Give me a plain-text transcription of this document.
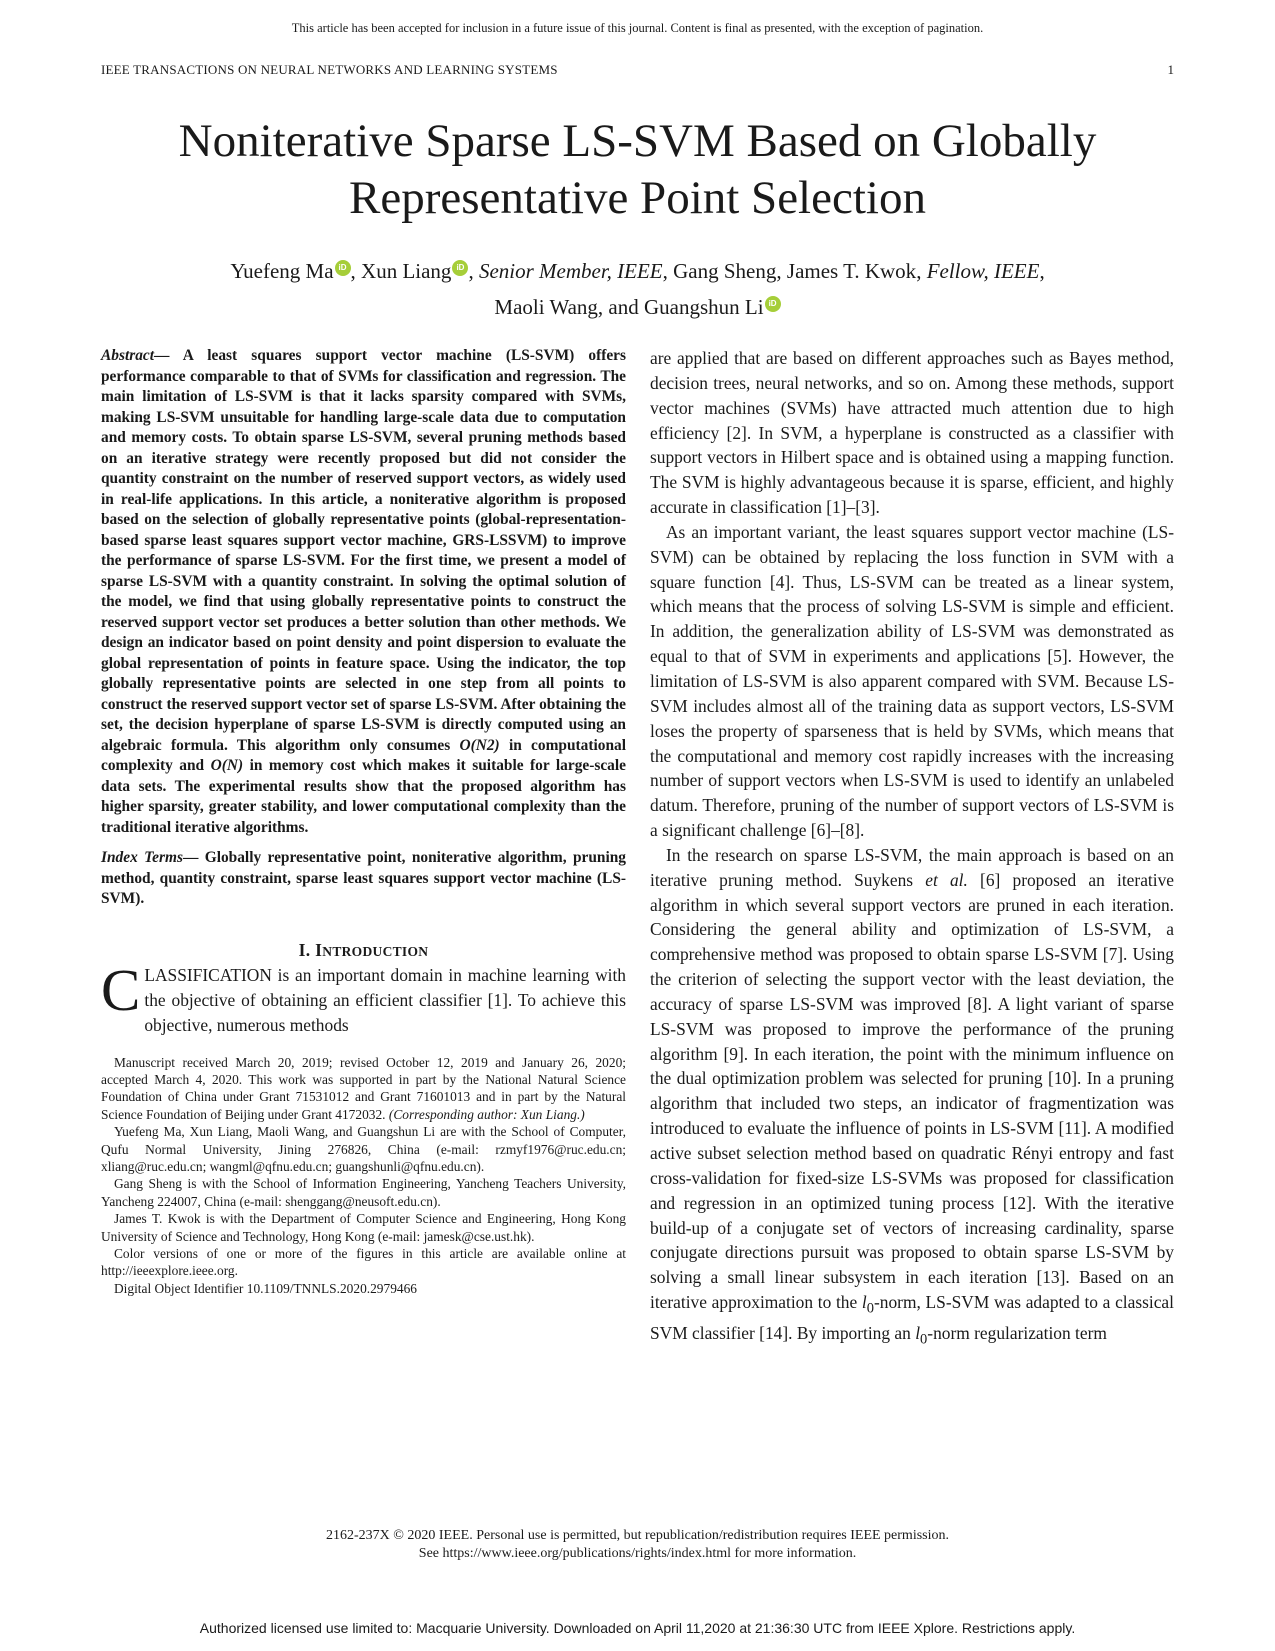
This article has been accepted for inclusion in a future issue of this journal. Content is final as presented, with the exception of pagination.
IEEE TRANSACTIONS ON NEURAL NETWORKS AND LEARNING SYSTEMS	1
Noniterative Sparse LS-SVM Based on Globally
Representative Point Selection
Yuefeng Ma iD , Xun Liang iD , Senior Member, IEEE, Gang Sheng, James T. Kwok, Fellow, IEEE,
Maoli Wang, and Guangshun Li iD

Abstract— A least squares support vector machine (LS-SVM) offers performance comparable to that of SVMs for classification and regression. The main limitation of LS-SVM is that it lacks sparsity compared with SVMs, making LS-SVM unsuitable for handling large-scale data due to computation and memory costs. To obtain sparse LS-SVM, several pruning methods based on an iterative strategy were recently proposed but did not consider the quantity constraint on the number of reserved support vectors, as widely used in real-life applications. In this article, a noniterative algorithm is proposed based on the selection of globally representative points (global-representation-based sparse least squares support vector machine, GRS-LSSVM) to improve the performance of sparse LS-SVM. For the first time, we present a model of sparse LS-SVM with a quantity constraint. In solving the optimal solution of the model, we find that using globally representative points to construct the reserved support vector set produces a better solution than other methods. We design an indicator based on point density and point dispersion to evaluate the global representation of points in feature space. Using the indicator, the top globally representative points are selected in one step from all points to construct the reserved support vector set of sparse LS-SVM. After obtaining the set, the decision hyperplane of sparse LS-SVM is directly computed using an algebraic formula. This algorithm only consumes O(N2) in computational complexity and O(N) in memory cost which makes it suitable for large-scale data sets. The experimental results show that the proposed algorithm has higher sparsity, greater stability, and lower computational complexity than the traditional iterative algorithms.

Index Terms— Globally representative point, noniterative algorithm, pruning method, quantity constraint, sparse least squares support vector machine (LS-SVM).

I. INTRODUCTION

CLASSIFICATION is an important domain in machine learning with the objective of obtaining an efficient classifier [1]. To achieve this objective, numerous methods

Manuscript received March 20, 2019; revised October 12, 2019 and January 26, 2020; accepted March 4, 2020. This work was supported in part by the National Natural Science Foundation of China under Grant 71531012 and Grant 71601013 and in part by the Natural Science Foundation of Beijing under Grant 4172032. (Corresponding author: Xun Liang.)

Yuefeng Ma, Xun Liang, Maoli Wang, and Guangshun Li are with the School of Computer, Qufu Normal University, Jining 276826, China (e-mail: rzmyf1976@ruc.edu.cn; xliang@ruc.edu.cn; wangml@qfnu.edu.cn; guangshunli@qfnu.edu.cn).

Gang Sheng is with the School of Information Engineering, Yancheng Teachers University, Yancheng 224007, China (e-mail: shenggang@neusoft.edu.cn).

James T. Kwok is with the Department of Computer Science and Engineering, Hong Kong University of Science and Technology, Hong Kong (e-mail: jamesk@cse.ust.hk).

Color versions of one or more of the figures in this article are available online at http://ieeexplore.ieee.org.

Digital Object Identifier 10.1109/TNNLS.2020.2979466

are applied that are based on different approaches such as Bayes method, decision trees, neural networks, and so on. Among these methods, support vector machines (SVMs) have attracted much attention due to high efficiency [2]. In SVM, a hyperplane is constructed as a classifier with support vectors in Hilbert space and is obtained using a mapping function. The SVM is highly advantageous because it is sparse, efficient, and highly accurate in classification [1]–[3].

As an important variant, the least squares support vector machine (LS-SVM) can be obtained by replacing the loss function in SVM with a square function [4]. Thus, LS-SVM can be treated as a linear system, which means that the process of solving LS-SVM is simple and efficient. In addition, the generalization ability of LS-SVM was demonstrated as equal to that of SVM in experiments and applications [5]. However, the limitation of LS-SVM is also apparent compared with SVM. Because LS-SVM includes almost all of the training data as support vectors, LS-SVM loses the property of sparseness that is held by SVMs, which means that the computational and memory cost rapidly increases with the increasing number of support vectors when LS-SVM is used to identify an unlabeled datum. Therefore, pruning of the number of support vectors of LS-SVM is a significant challenge [6]–[8].

In the research on sparse LS-SVM, the main approach is based on an iterative pruning method. Suykens et al. [6] proposed an iterative algorithm in which several support vectors are pruned in each iteration. Considering the general ability and optimization of LS-SVM, a comprehensive method was proposed to obtain sparse LS-SVM [7]. Using the criterion of selecting the support vector with the least deviation, the accuracy of sparse LS-SVM was improved [8]. A light variant of sparse LS-SVM was proposed to improve the performance of the pruning algorithm [9]. In each iteration, the point with the minimum influence on the dual optimization problem was selected for pruning [10]. In a pruning algorithm that included two steps, an indicator of fragmentization was introduced to evaluate the influence of points in LS-SVM [11]. A modified active subset selection method based on quadratic Rényi entropy and fast cross-validation for fixed-size LS-SVMs was proposed for classification and regression in an optimized tuning process [12]. With the iterative build-up of a conjugate set of vectors of increasing cardinality, sparse conjugate directions pursuit was proposed to obtain sparse LS-SVM by solving a small linear subsystem in each iteration [13]. Based on an iterative approximation to the $l_0$-norm, LS-SVM was adapted to a classical SVM classifier [14]. By importing an $l_0$-norm regularization term

2162-237X © 2020 IEEE. Personal use is permitted, but republication/redistribution requires IEEE permission.
See https://www.ieee.org/publications/rights/index.html for more information.
Authorized licensed use limited to: Macquarie University. Downloaded on April 11,2020 at 21:36:30 UTC from IEEE Xplore. Restrictions apply.
